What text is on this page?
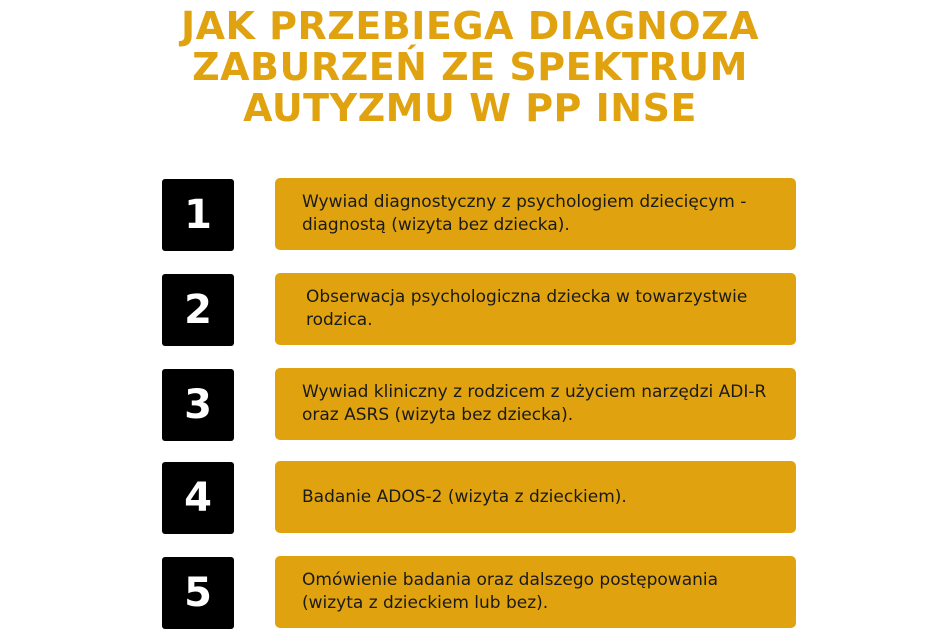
JAK PRZEBIEGA DIAGNOZA
ZABURZEŃ ZE SPEKTRUM
AUTYZMU W PP INSE
1	Wywiad diagnostyczny z psychologiem dziecięcym - diagnostą (wizyta bez dziecka).
2	Obserwacja psychologiczna dziecka w towarzystwie rodzica.
3	Wywiad kliniczny z rodzicem z użyciem narzędzi ADI-R oraz ASRS (wizyta bez dziecka).
4	Badanie ADOS-2 (wizyta z dzieckiem).
5	Omówienie badania oraz dalszego postępowania (wizyta z dzieckiem lub bez).
